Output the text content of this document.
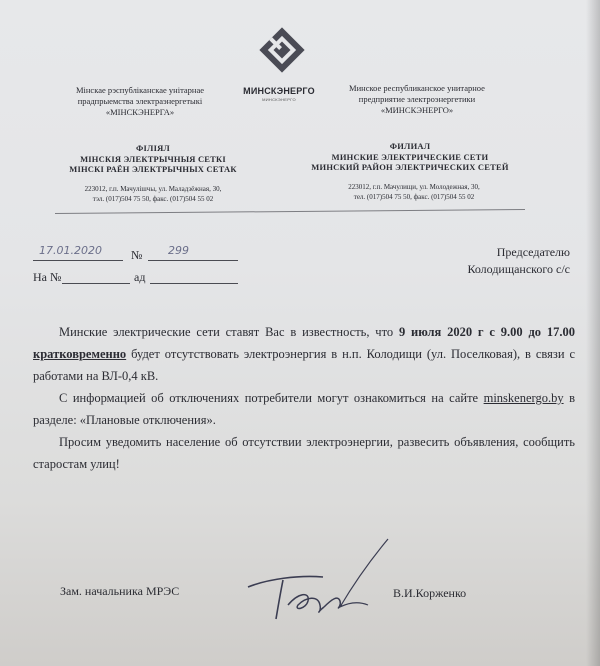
МИНСКЭНЕРГО
МИНСКЭНЕРГО
Мінскае рэспубліканскае унітарнае
прадпрыемства электраэнергетыкі
«МІНСКЭНЕРГА»
Минское республиканское унитарное
предприятие электроэнергетики
«МИНСКЭНЕРГО»
ФІЛІЯЛ
МІНСКІЯ ЭЛЕКТРЫЧНЫЯ СЕТКІ
МІНСКІ РАЁН ЭЛЕКТРЫЧНЫХ СЕТАК
ФИЛИАЛ
МИНСКИЕ ЭЛЕКТРИЧЕСКИЕ СЕТИ
МИНСКИЙ РАЙОН ЭЛЕКТРИЧЕСКИХ СЕТЕЙ
223012, г.п. Мачулішчы, ул. Маладзёжная, 30,
тэл. (017)504 75 50, факс. (017)504 55 02
223012, г.п. Мачулищи, ул. Молодежная, 30,
тел. (017)504 75 50, факс. (017)504 55 02
17.01.2020 № 299
На №	ад
Председателю
Колодищанского с/с

Минские электрические сети ставят Вас в известность, что 9 июля 2020 г с 9.00 до 17.00 кратковременно будет отсутствовать электроэнергия в н.п. Колодищи (ул. Поселковая), в связи с работами на ВЛ-0,4 кВ.

С информацией об отключениях потребители могут ознакомиться на сайте minskenergo.by в разделе: «Плановые отключения».

Просим уведомить население об отсутствии электроэнергии, развесить объявления, сообщить старостам улиц!

Зам. начальника МРЭС	В.И.Корженко
